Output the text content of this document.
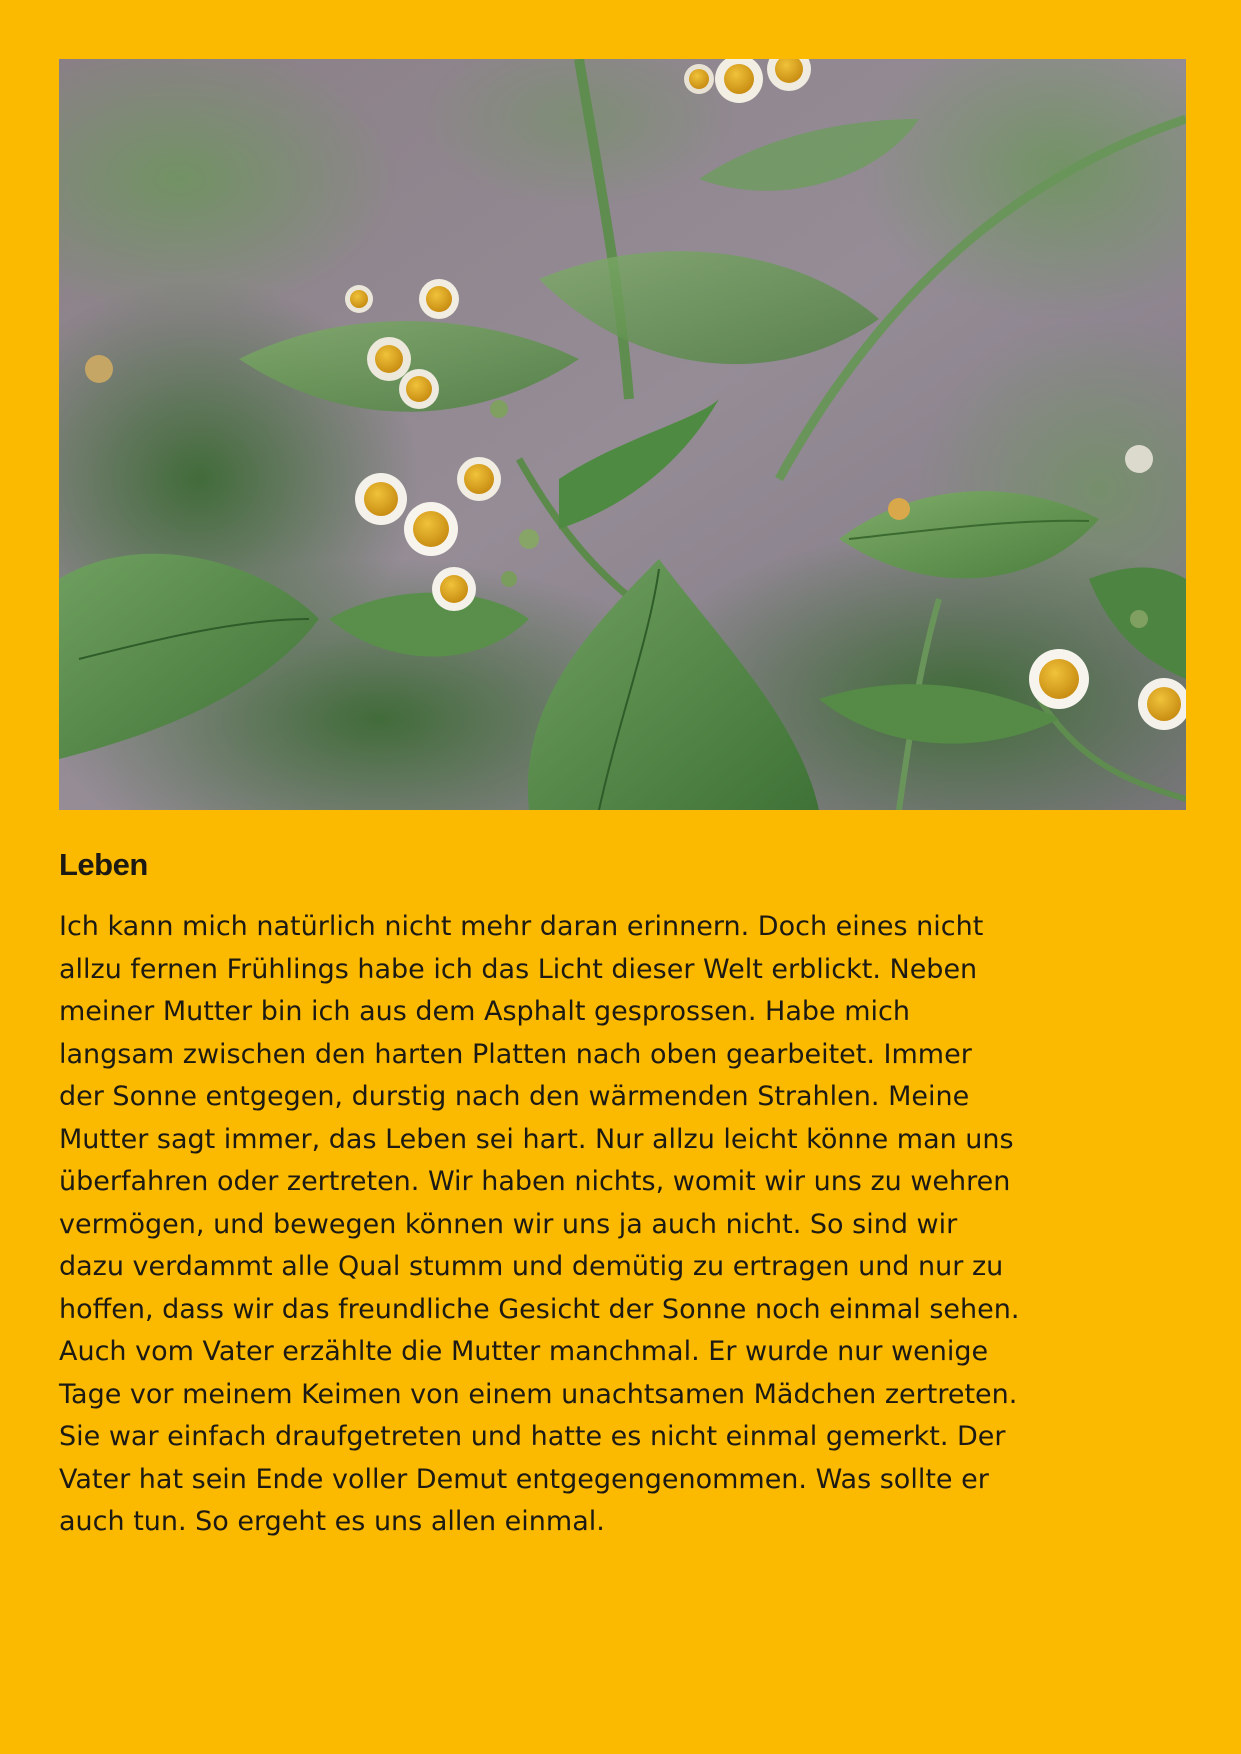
Leben
Ich kann mich natürlich nicht mehr daran erinnern. Doch eines nicht
allzu fernen Frühlings habe ich das Licht dieser Welt erblickt. Neben
meiner Mutter bin ich aus dem Asphalt gesprossen. Habe mich
langsam zwischen den harten Platten nach oben gearbeitet. Immer
der Sonne entgegen, durstig nach den wärmenden Strahlen. Meine
Mutter sagt immer, das Leben sei hart. Nur allzu leicht könne man uns
überfahren oder zertreten. Wir haben nichts, womit wir uns zu wehren
vermögen, und bewegen können wir uns ja auch nicht. So sind wir
dazu verdammt alle Qual stumm und demütig zu ertragen und nur zu
hoffen, dass wir das freundliche Gesicht der Sonne noch einmal sehen.
Auch vom Vater erzählte die Mutter manchmal. Er wurde nur wenige
Tage vor meinem Keimen von einem unachtsamen Mädchen zertreten.
Sie war einfach draufgetreten und hatte es nicht einmal gemerkt. Der
Vater hat sein Ende voller Demut entgegengenommen. Was sollte er
auch tun. So ergeht es uns allen einmal.
